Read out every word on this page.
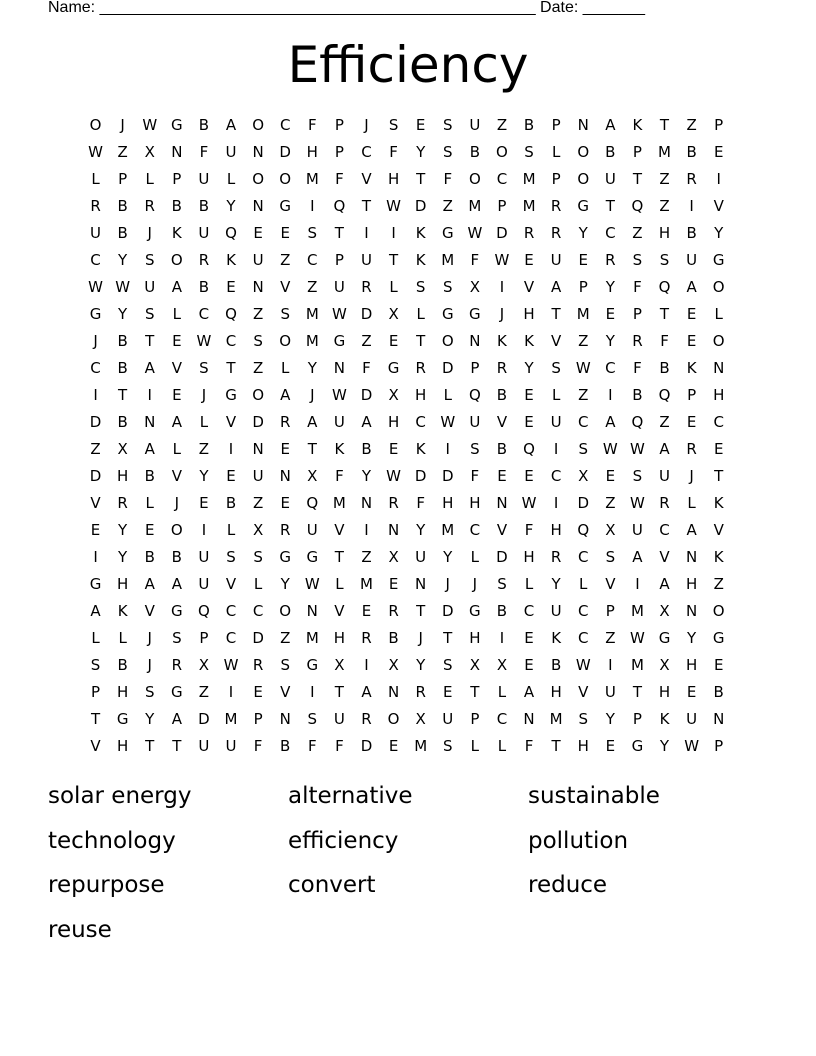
Name: _________________________________________________ Date: _______
Efficiency
O	J	W G	B	A	O	C	F	P	J	S	E	S	U	Z	B	P	N	A	K	T	Z	P
W Z	X	N	F	U	N	D	H	P	C	F	Y	S	B	O	S	L	O	B	P	M	B	E
L	P	L	P	U	L	O	O M	F	V	H	T	F	O	C	M	P	O	U	T	Z	R	I
R	B	R	B	B	Y	N	G	I	Q	T	W D	Z	M	P	M	R	G	T	Q	Z	I	V
U	B	J	K	U	Q	E	E	S	T	I	I	K	G W D	R	R	Y	C	Z	H	B	Y
C	Y	S	O	R	K	U	Z	C	P	U	T	K	M	F	W E	U	E	R	S	S	U	G
W W U	A	B	E	N	V	Z	U	R	L	S	S	X	I	V	A	P	Y	F	Q	A	O
G	Y	S	L	C	Q	Z	S	M W D	X	L	G	G	J	H	T	M	E	P	T	E	L
J	B	T	E W C	S	O M G	Z	E	T	O	N	K	K	V	Z	Y	R	F	E	O
C	B	A	V	S	T	Z	L	Y	N	F	G	R	D	P	R	Y	S W C	F	B	K	N
I	T	I	E	J	G	O	A	J	W D	X	H	L	Q	B	E	L	Z	I	B	Q	P	H
D	B	N	A	L	V	D	R	A	U	A	H	C W U	V	E	U	C	A	Q	Z	E	C
Z	X	A	L	Z	I	N	E	T	K	B	E	K	I	S	B	Q	I	S W W A	R	E
D	H	B	V	Y	E	U	N	X	F	Y	W D	D	F	E	E	C	X	E	S	U	J	T
V	R	L	J	E	B	Z	E	Q M	N	R	F	H	H	N W	I	D	Z W R	L	K
E	Y	E	O	I	L	X	R	U	V	I	N	Y	M	C	V	F	H	Q	X	U	C	A	V
I	Y	B	B	U	S	S	G	G	T	Z	X	U	Y	L	D	H	R	C	S	A	V	N	K
G	H	A	A	U	V	L	Y	W	L	M	E	N	J	J	S	L	Y	L	V	I	A	H	Z
A	K	V	G	Q	C	C	O	N	V	E	R	T	D	G	B	C	U	C	P	M	X	N	O
L	L	J	S	P	C	D	Z	M H	R	B	J	T	H	I	E	K	C	Z W G	Y	G
S	B	J	R	X W R	S	G	X	I	X	Y	S	X	X	E	B W	I	M	X	H	E
P	H	S	G	Z	I	E	V	I	T	A	N	R	E	T	L	A	H	V	U	T	H	E	B
T	G	Y	A	D M	P	N	S	U	R	O	X	U	P	C	N	M	S	Y	P	K	U	N
V	H	T	T	U	U	F	B	F	F	D	E	M	S	L	L	F	T	H	E	G	Y	W	P
solar energy	alternative	sustainable
technology	efficiency	pollution
repurpose	convert	reduce
reuse
